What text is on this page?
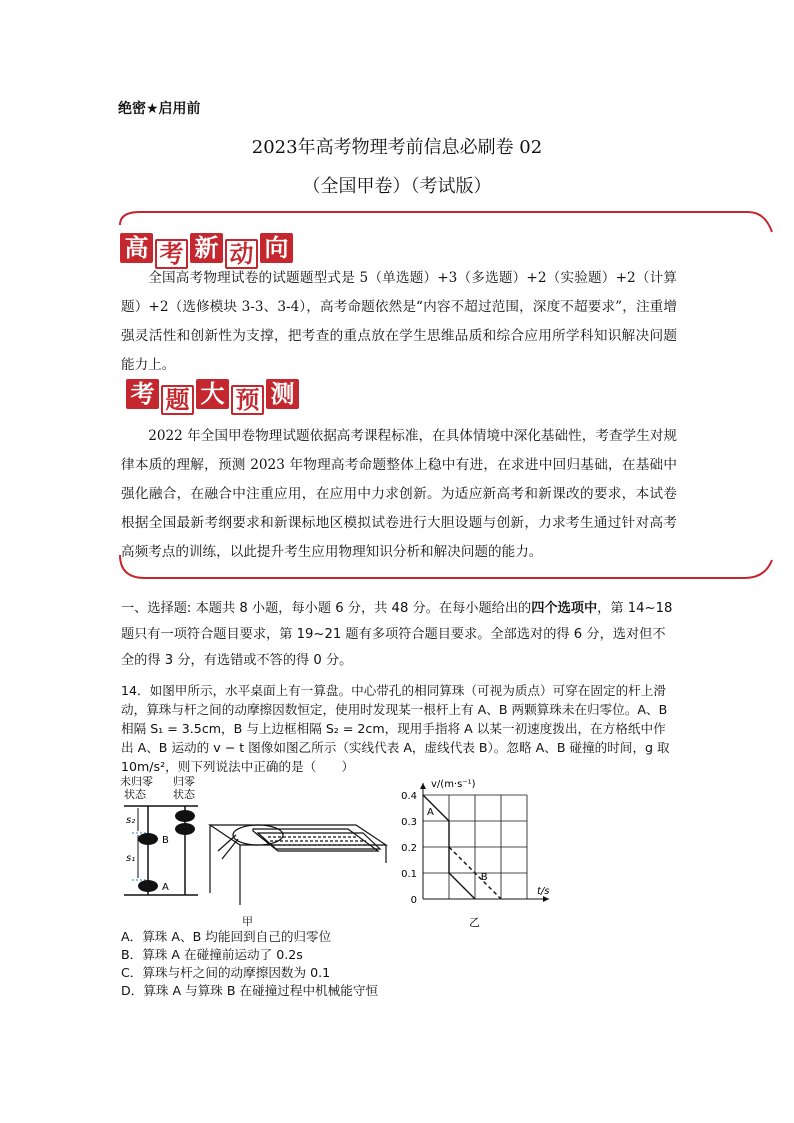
绝密★启用前
2023年高考物理考前信息必刷卷 02
（全国甲卷）（考试版）
高 考 新 动 向
全国高考物理试卷的试题题型式是 5（单选题）+3（多选题）+2（实验题）+2（计算题）+2（选修模块 3-3、3-4），高考命题依然是“内容不超过范围，深度不超要求”，注重增强灵活性和创新性为支撑，把考查的重点放在学生思维品质和综合应用所学科知识解决问题能力上。
考 题 大 预 测
2022 年全国甲卷物理试题依据高考课程标准，在具体情境中深化基础性，考查学生对规律本质的理解，预测 2023 年物理高考命题整体上稳中有进，在求进中回归基础，在基础中强化融合，在融合中注重应用，在应用中力求创新。为适应新高考和新课改的要求，本试卷根据全国最新考纲要求和新课标地区模拟试卷进行大胆设题与创新，力求考生通过针对高考高频考点的训练，以此提升考生应用物理知识分析和解决问题的能力。
一、选择题: 本题共 8 小题，每小题 6 分，共 48 分。在每小题给出的四个选项中，第 14~18 题只有一项符合题目要求，第 19~21 题有多项符合题目要求。全部选对的得 6 分，选对但不全的得 3 分，有选错或不答的得 0 分。
14．如图甲所示，水平桌面上有一算盘。中心带孔的相同算珠（可视为质点）可穿在固定的杆上滑动，算珠与杆之间的动摩擦因数恒定，使用时发现某一根杆上有 A、B 两颗算珠未在归零位。A、B 相隔 S₁ = 3.5cm，B 与上边框相隔 S₂ = 2cm，现用手指将 A 以某一初速度拨出，在方格纸中作出 A、B 运动的 v − t 图像如图乙所示（实线代表 A，虚线代表 B）。忽略 A、B 碰撞的时间，g 取 10m/s²，则下列说法中正确的是（　　）
未归零
状态
归零
状态
s₂
s₁
B
A
甲
0
0.1
0.2
0.3
0.4
v/(m·s⁻¹)
t/s
A
B
乙
A．算珠 A、B 均能回到自己的归零位
B．算珠 A 在碰撞前运动了 0.2s
C．算珠与杆之间的动摩擦因数为 0.1
D．算珠 A 与算珠 B 在碰撞过程中机械能守恒
